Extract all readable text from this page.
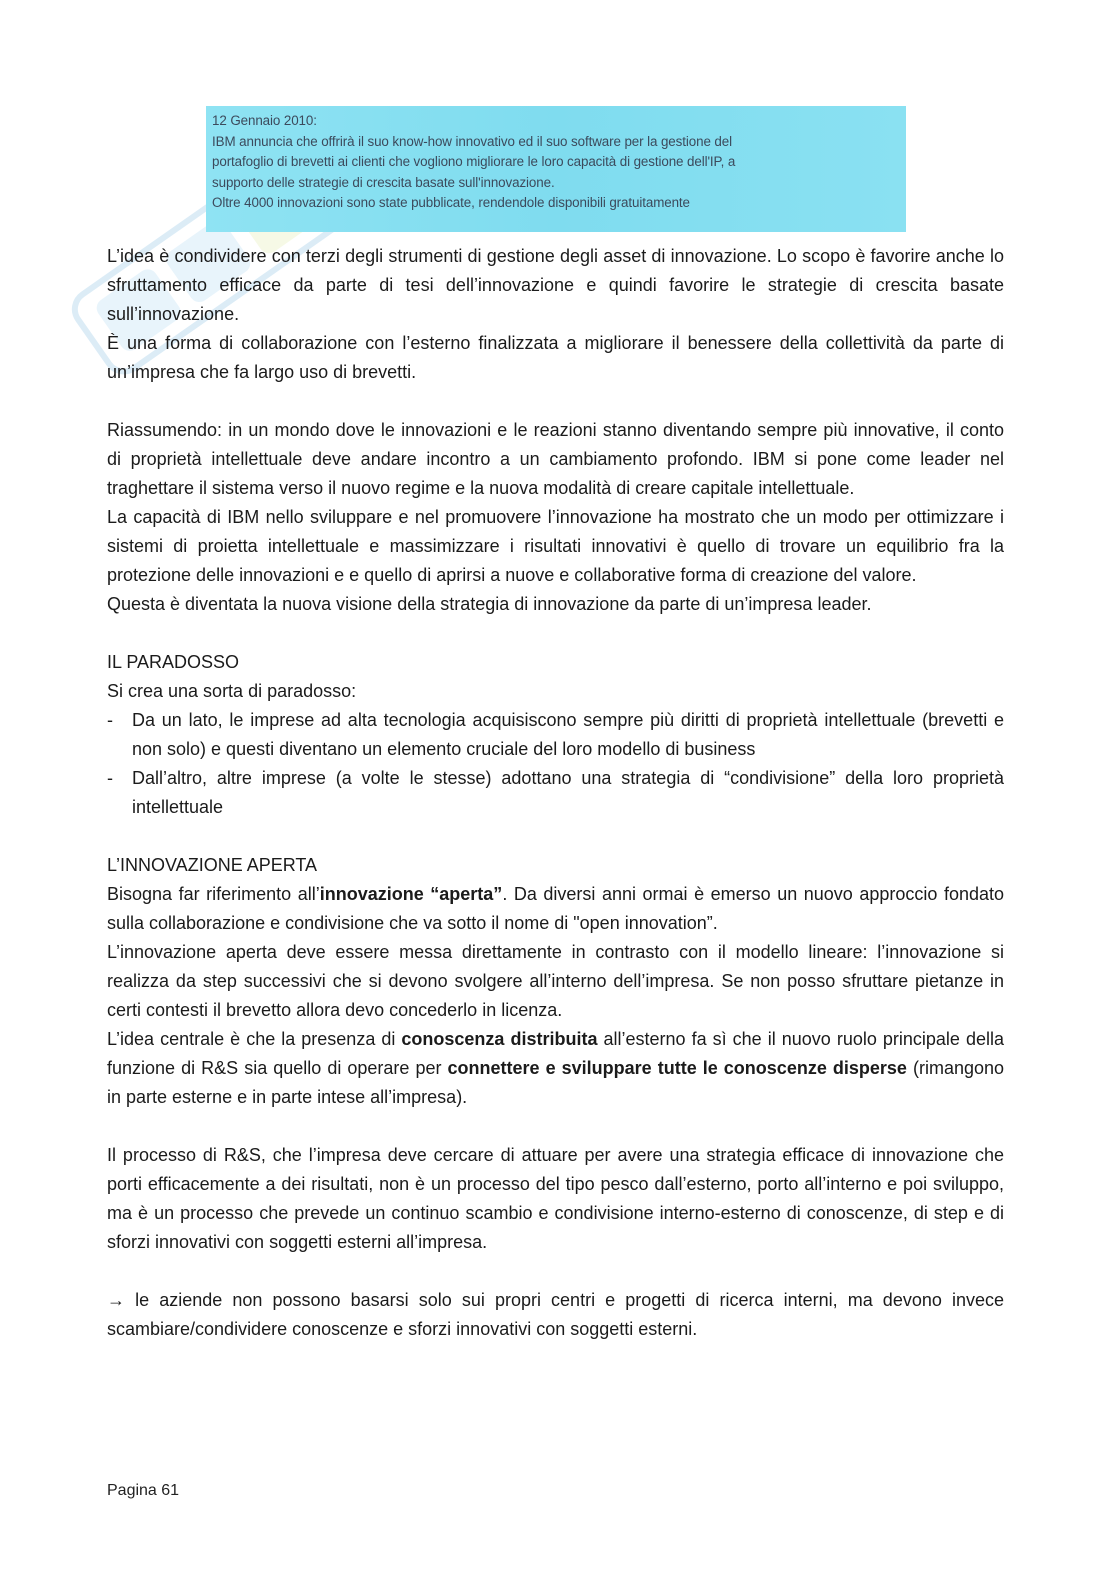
12 Gennaio 2010:

IBM annuncia che offrirà il suo know-how innovativo ed il suo software per la gestione del

portafoglio di brevetti ai clienti che vogliono migliorare le loro capacità di gestione dell'IP, a

supporto delle strategie di crescita basate sull'innovazione.

Oltre 4000 innovazioni sono state pubblicate, rendendole disponibili gratuitamente

L’idea è condividere con terzi degli strumenti di gestione degli asset di innovazione. Lo scopo è favorire anche lo sfruttamento efficace da parte di tesi dell’innovazione e quindi favorire le strategie di crescita basate sull’innovazione.

È una forma di collaborazione con l’esterno finalizzata a migliorare il benessere della collettività da parte di un’impresa che fa largo uso di brevetti.

Riassumendo: in un mondo dove le innovazioni e le reazioni stanno diventando sempre più innovative, il conto di proprietà intellettuale deve andare incontro a un cambiamento profondo. IBM si pone come leader nel traghettare il sistema verso il nuovo regime e la nuova modalità di creare capitale intellettuale.

La capacità di IBM nello sviluppare e nel promuovere l’innovazione ha mostrato che un modo per ottimizzare i sistemi di proietta intellettuale e massimizzare i risultati innovativi è quello di trovare un equilibrio fra la protezione delle innovazioni e e quello di aprirsi a nuove e collaborative forma di creazione del valore.

Questa è diventata la nuova visione della strategia di innovazione da parte di un’impresa leader.

IL PARADOSSO

Si crea una sorta di paradosso:

-	Da un lato, le imprese ad alta tecnologia acquisiscono sempre più diritti di proprietà intellettuale (brevetti e non solo) e questi diventano un elemento cruciale del loro modello di business
-	Dall’altro, altre imprese (a volte le stesse) adottano una strategia di “condivisione” della loro proprietà intellettuale

L’INNOVAZIONE APERTA

Bisogna far riferimento all’innovazione “aperta”. Da diversi anni ormai è emerso un nuovo approccio fondato sulla collaborazione e condivisione che va sotto il nome di "open innovation”.

L’innovazione aperta deve essere messa direttamente in contrasto con il modello lineare: l’innovazione si realizza da step successivi che si devono svolgere all’interno dell’impresa. Se non posso sfruttare pietanze in certi contesti il brevetto allora devo concederlo in licenza.

L’idea centrale è che la presenza di conoscenza distribuita all’esterno fa sì che il nuovo ruolo principale della funzione di R&S sia quello di operare per connettere e sviluppare tutte le conoscenze disperse (rimangono in parte esterne e in parte intese all’impresa).

Il processo di R&S, che l’impresa deve cercare di attuare per avere una strategia efficace di innovazione che porti efficacemente a dei risultati, non è un processo del tipo pesco dall’esterno, porto all’interno e poi sviluppo, ma è un processo che prevede un continuo scambio e condivisione interno-esterno di conoscenze, di step e di sforzi innovativi con soggetti esterni all’impresa.

→ le aziende non possono basarsi solo sui propri centri e progetti di ricerca interni, ma devono invece scambiare/condividere conoscenze e sforzi innovativi con soggetti esterni.

Pagina 61
